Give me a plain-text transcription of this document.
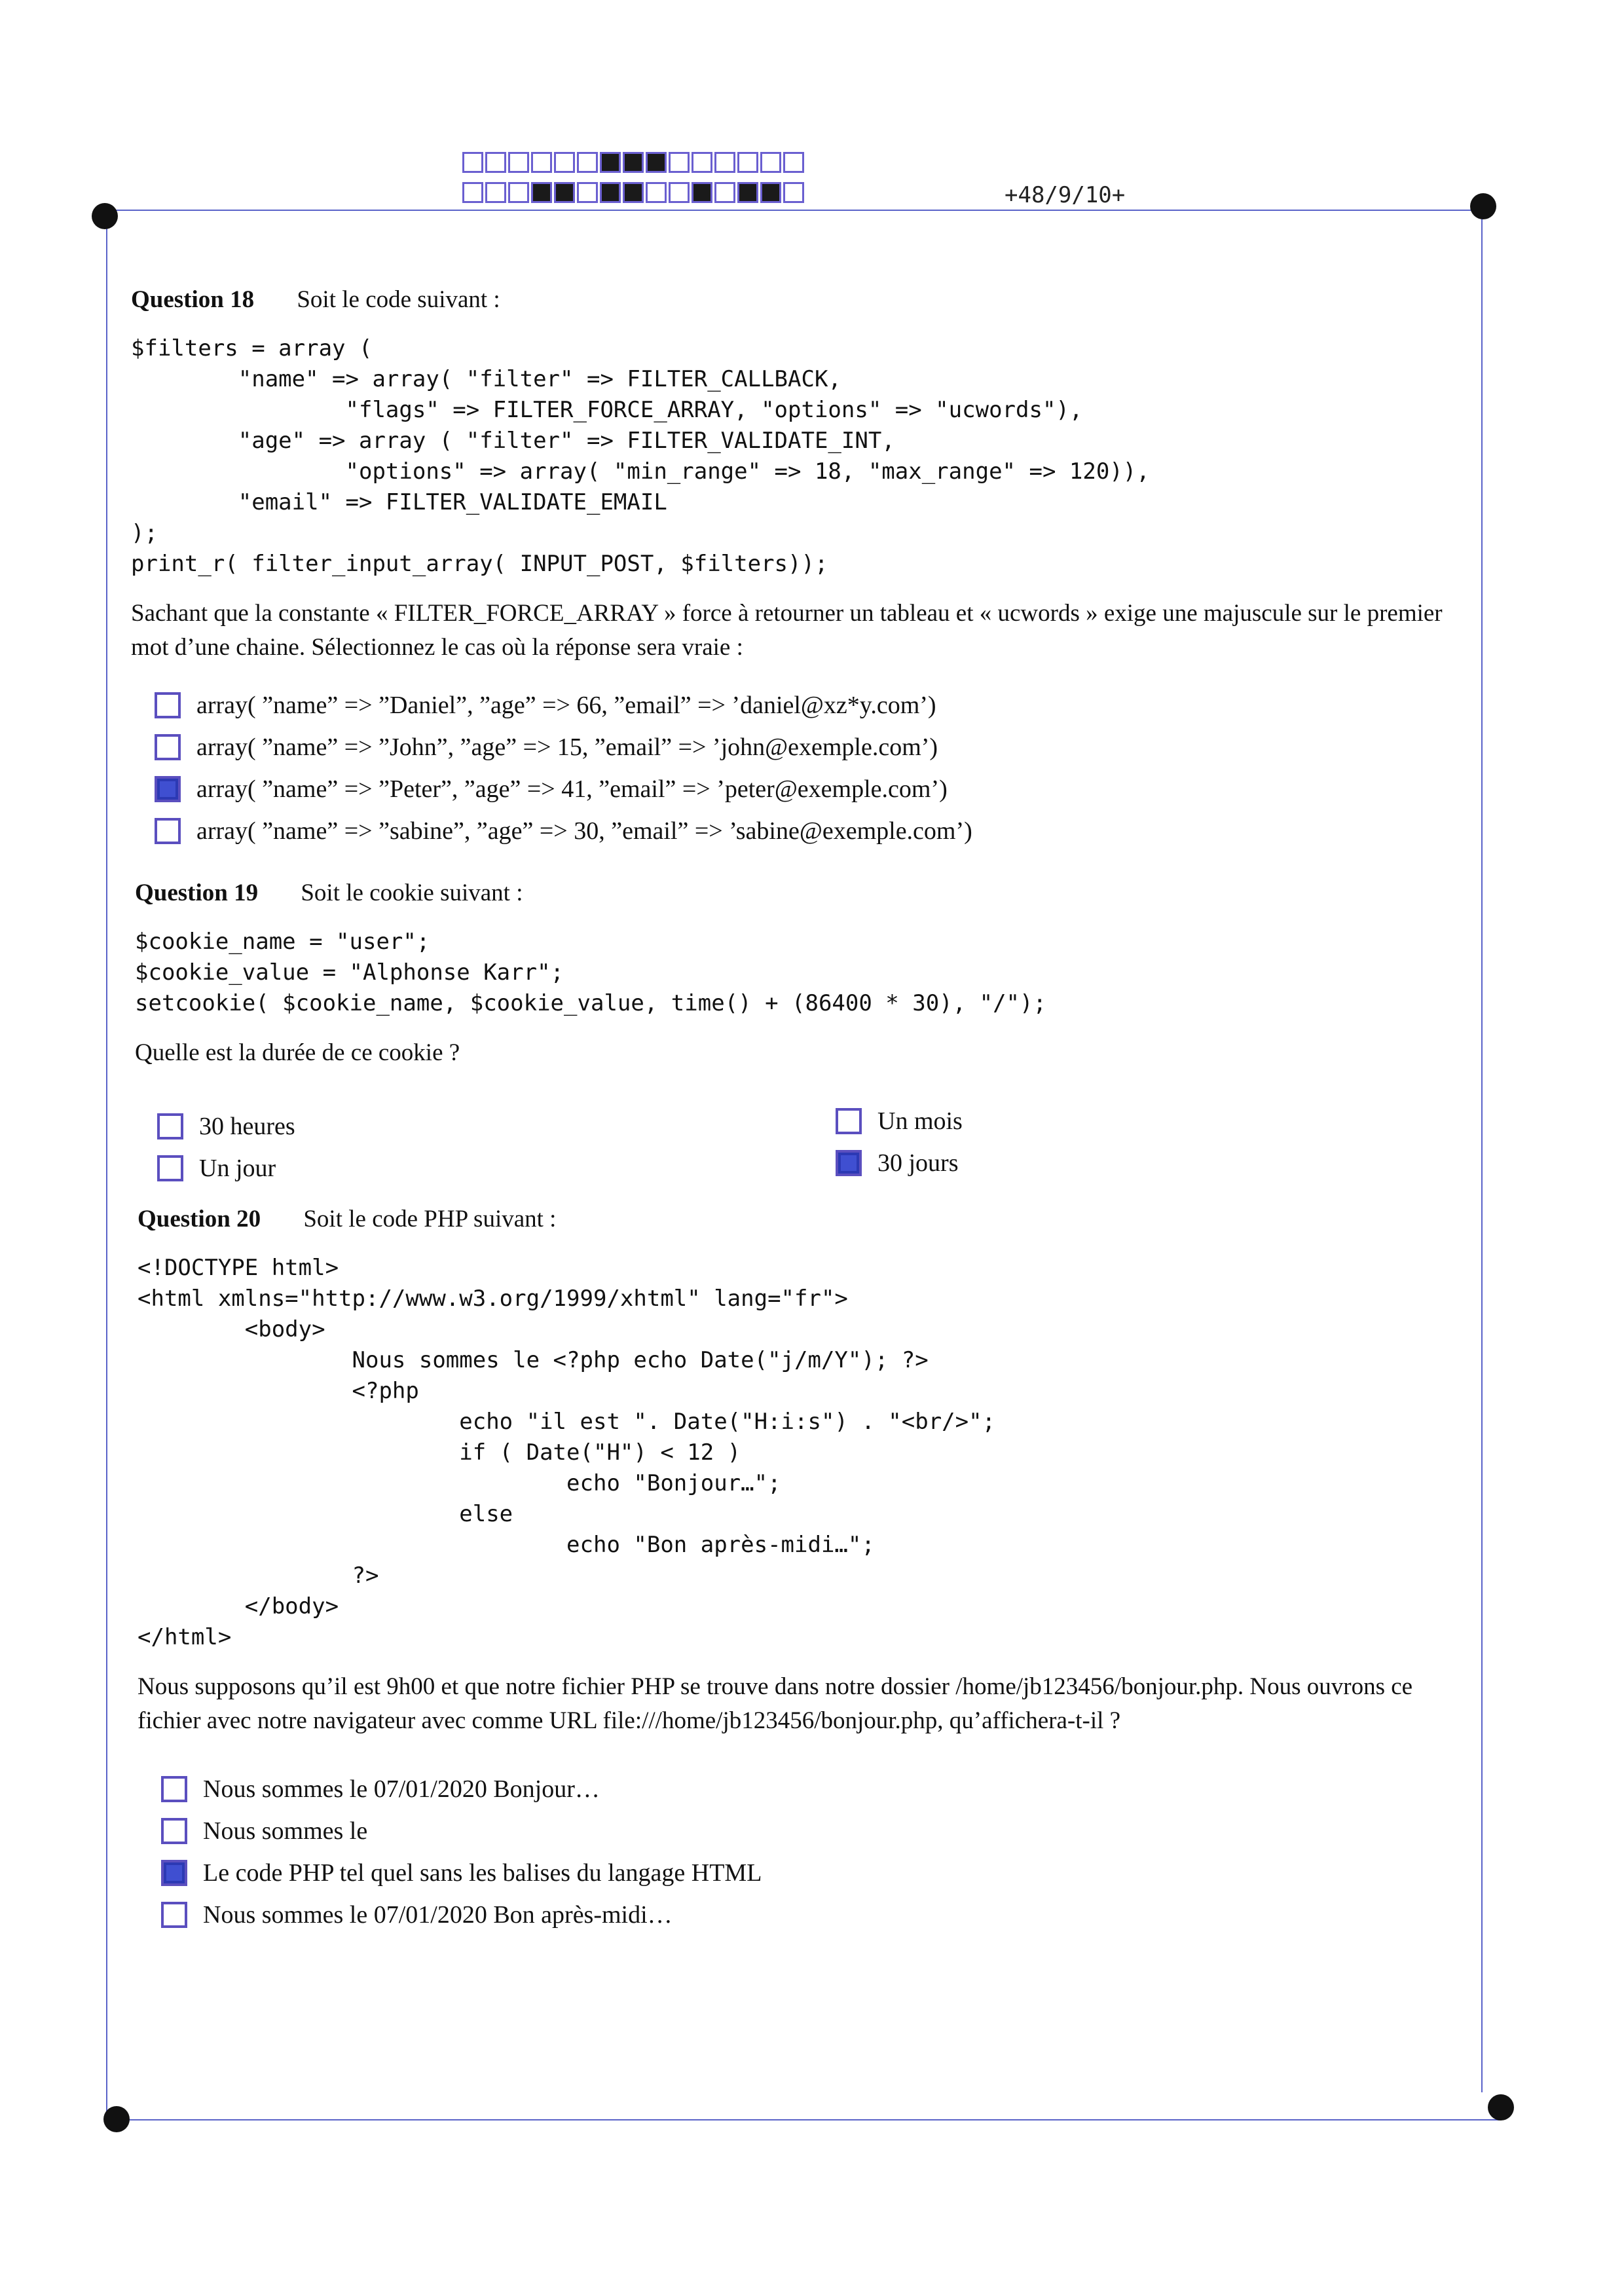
+48/9/10+
Question 18 Soit le code suivant :
$filters = array (
"name" => array( "filter" => FILTER_CALLBACK,
"flags" => FILTER_FORCE_ARRAY, "options" => "ucwords"),
"age" => array ( "filter" => FILTER_VALIDATE_INT,
"options" => array( "min_range" => 18, "max_range" => 120)),
"email" => FILTER_VALIDATE_EMAIL
);
print_r( filter_input_array( INPUT_POST, $filters));
Sachant que la constante « FILTER_FORCE_ARRAY » force à retourner un tableau et « ucwords » exige une majuscule sur le premier mot d’une chaine. Sélectionnez le cas où la réponse sera vraie :
array( ”name” => ”Daniel”, ”age” => 66, ”email” => ’daniel@xz*y.com’)
array( ”name” => ”John”, ”age” => 15, ”email” => ’john@exemple.com’)
array( ”name” => ”Peter”, ”age” => 41, ”email” => ’peter@exemple.com’)
array( ”name” => ”sabine”, ”age” => 30, ”email” => ’sabine@exemple.com’)
Question 19 Soit le cookie suivant :
$cookie_name = "user";
$cookie_value = "Alphonse Karr";
setcookie( $cookie_name, $cookie_value, time() + (86400 * 30), "/");
Quelle est la durée de ce cookie ?
30 heures
Un jour
Un mois
30 jours
Question 20 Soit le code PHP suivant :
<!DOCTYPE html>
<html xmlns="http://www.w3.org/1999/xhtml" lang="fr">
<body>
Nous sommes le <?php echo Date("j/m/Y"); ?>
<?php
echo "il est ". Date("H:i:s") . "<br/>";
if ( Date("H") < 12 )
echo "Bonjour…";
else
echo "Bon après-midi…";
?>
</body>
</html>
Nous supposons qu’il est 9h00 et que notre fichier PHP se trouve dans notre dossier /home/jb123456/bonjour.php. Nous ouvrons ce fichier avec notre navigateur avec comme URL file:///home/jb123456/bonjour.php, qu’affichera-t-il ?
Nous sommes le 07/01/2020 Bonjour…
Nous sommes le
Le code PHP tel quel sans les balises du langage HTML
Nous sommes le 07/01/2020 Bon après-midi…
